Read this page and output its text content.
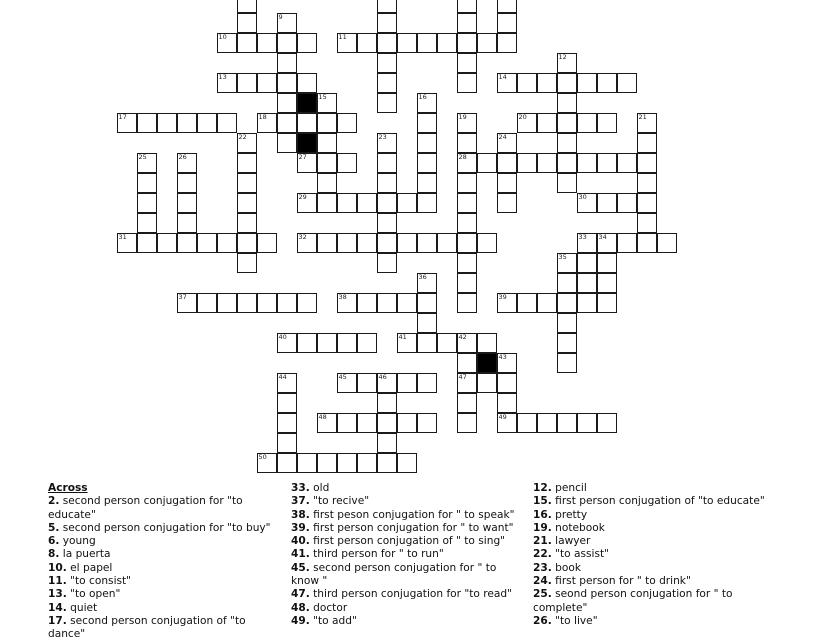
9
10	11
12
13	14
15	16
17	18	19	20	21
22	23	24
25	26	27	28
29	30
31	32	33 34
35
36
37	38	39
40	41	42
43
44	45	46	47
48	49
50
Across
2. second person conjugation for "to educate"
5. second person conjugation for "to buy"
6. young
8. la puerta
10. el papel
11. "to consist"
13. "to open"
14. quiet
17. second person conjugation of "to dance"
33. old
37. "to recive"
38. first peson conjugation for " to speak"
39. first person conjugation for " to want"
40. first person conjugation of " to sing"
41. third person for " to run"
45. second person conjugation for " to know "
47. third person conjugation for "to read"
48. doctor
49. "to add"
12. pencil
15. first person conjugation of "to educate"
16. pretty
19. notebook
21. lawyer
22. "to assist"
23. book
24. first person for " to drink"
25. seond person conjugation for " to complete"
26. "to live"
